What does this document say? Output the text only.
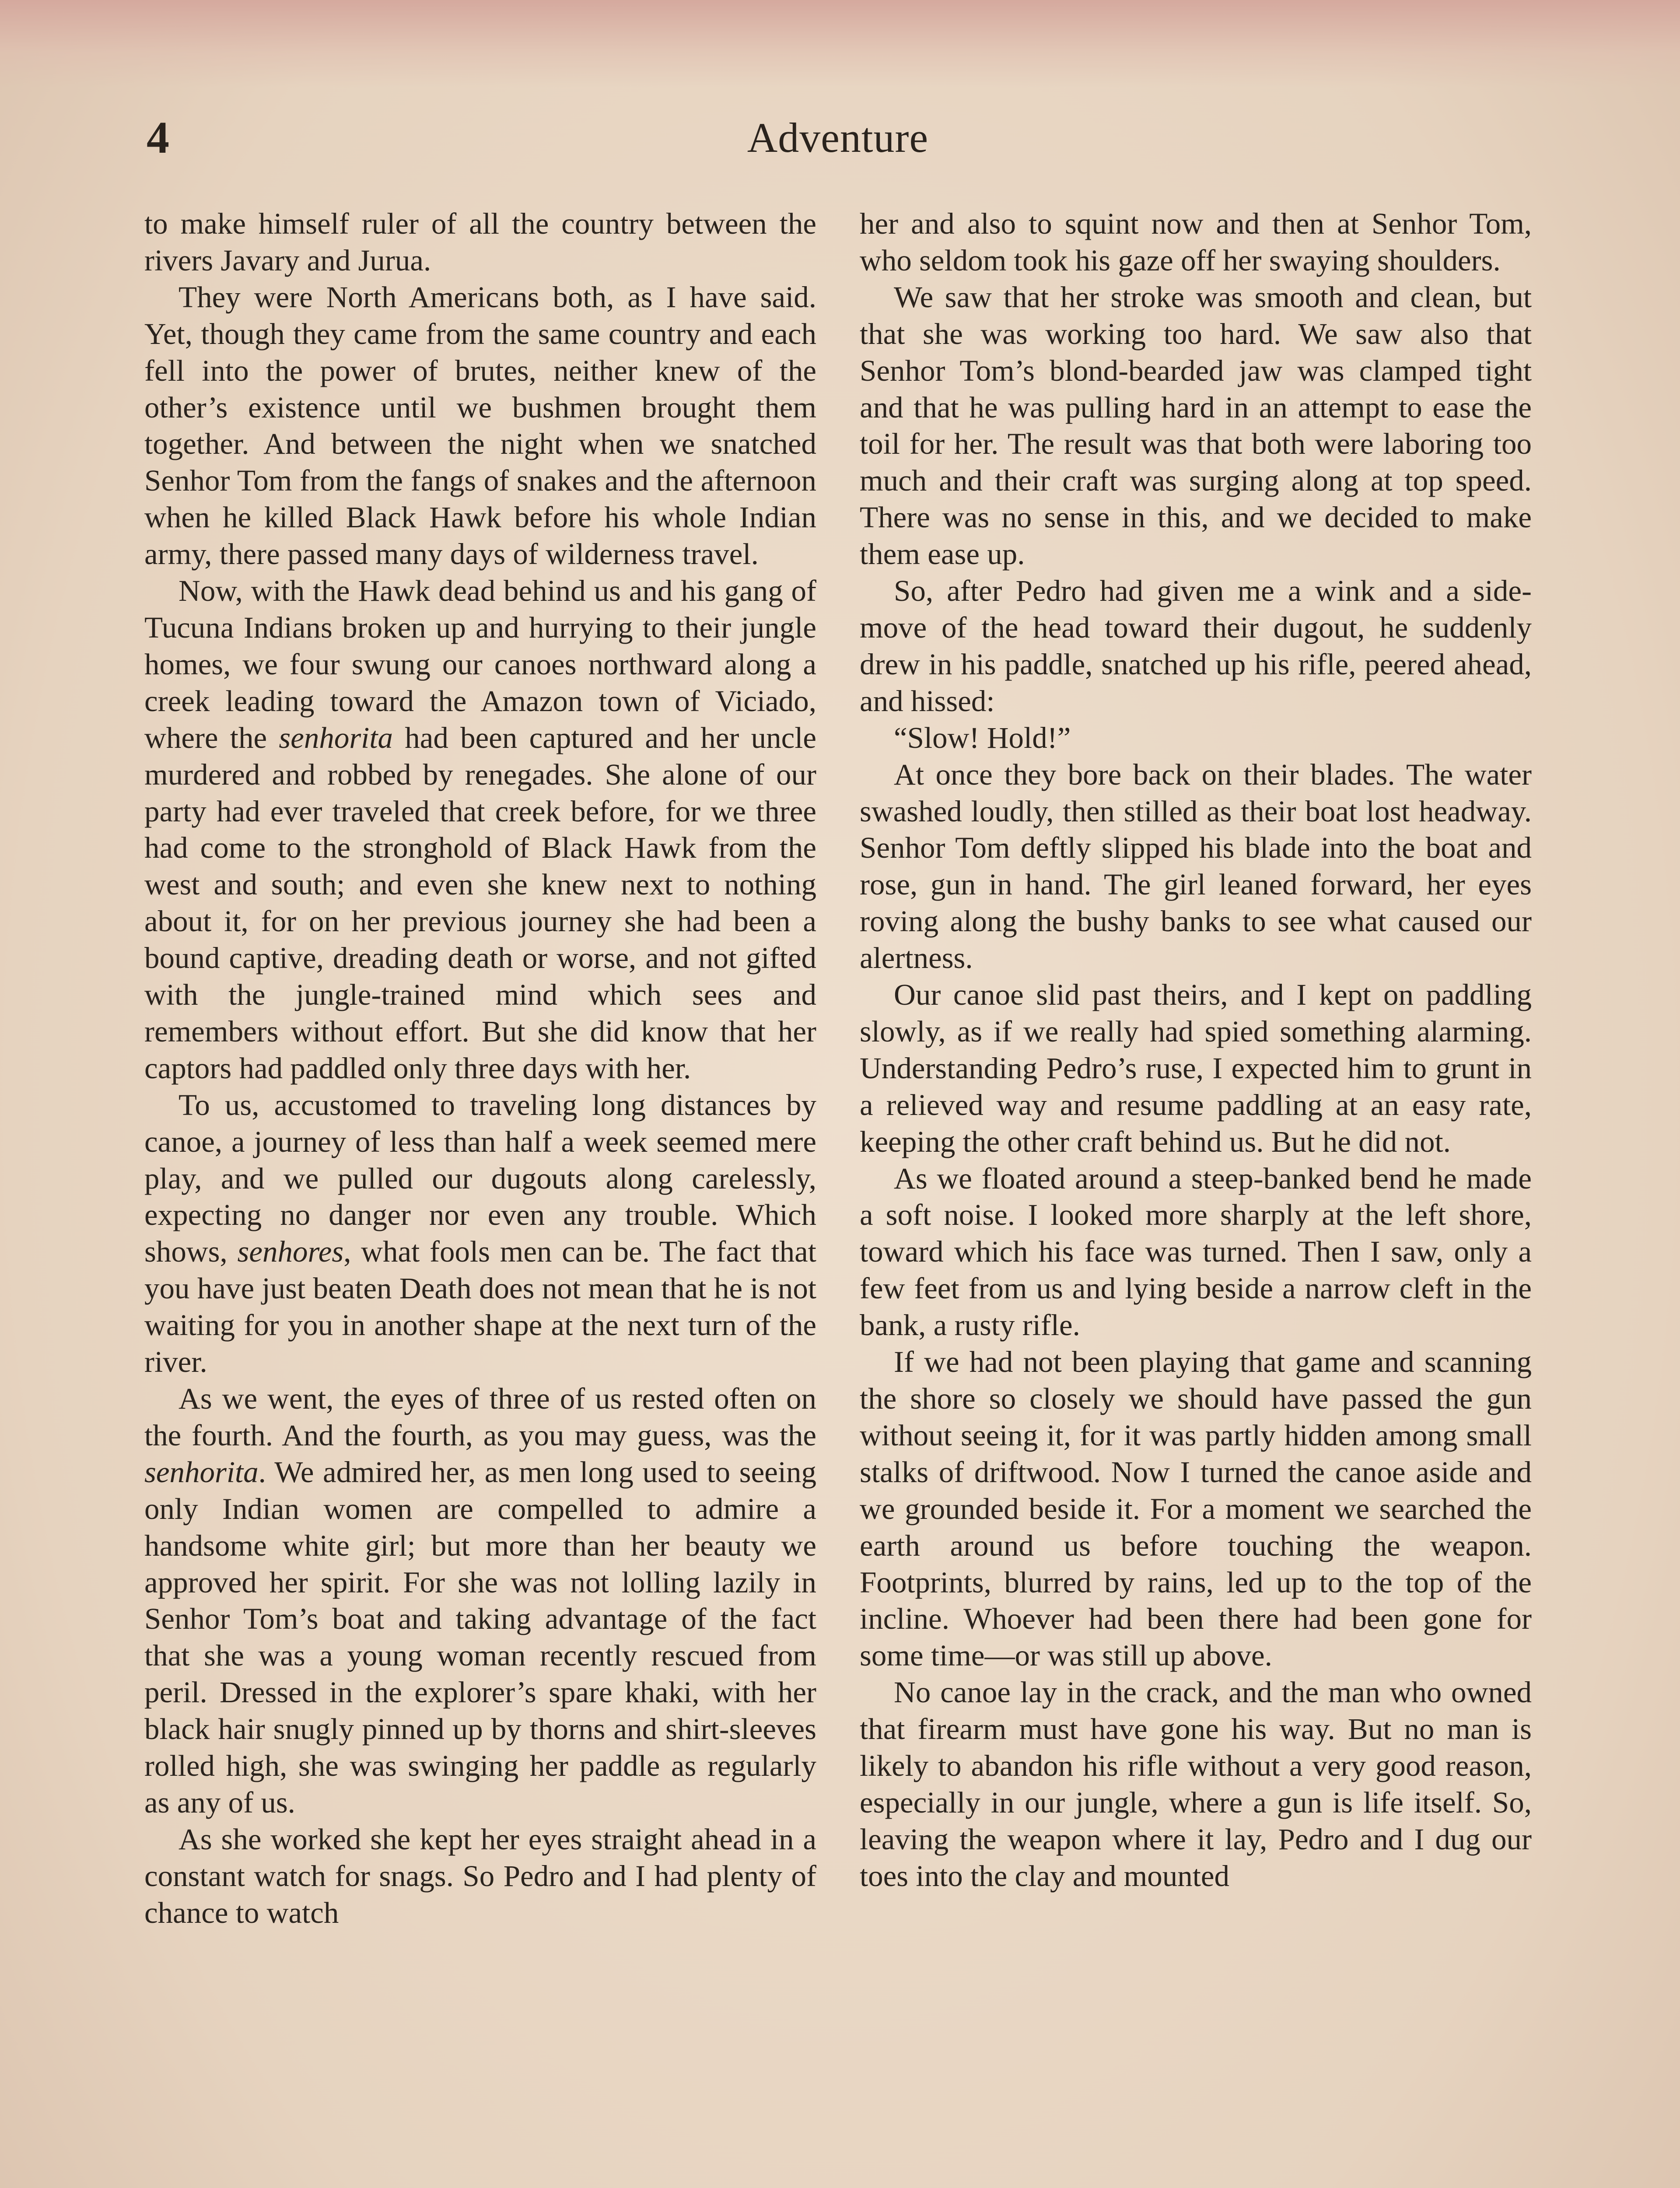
4	Adventure

to make himself ruler of all the country between the rivers Javary and Jurua.

They were North Americans both, as I have said. Yet, though they came from the same country and each fell into the power of brutes, neither knew of the other’s existence until we bushmen brought them together. And between the night when we snatched Senhor Tom from the fangs of snakes and the afternoon when he killed Black Hawk before his whole Indian army, there passed many days of wilderness travel.

Now, with the Hawk dead behind us and his gang of Tucuna Indians broken up and hurrying to their jungle homes, we four swung our canoes northward along a creek leading toward the Amazon town of Viciado, where the senhorita had been captured and her uncle murdered and robbed by renegades. She alone of our party had ever traveled that creek before, for we three had come to the stronghold of Black Hawk from the west and south; and even she knew next to nothing about it, for on her previous journey she had been a bound captive, dreading death or worse, and not gifted with the jungle-trained mind which sees and remembers without effort. But she did know that her captors had paddled only three days with her.

To us, accustomed to traveling long distances by canoe, a journey of less than half a week seemed mere play, and we pulled our dugouts along carelessly, expecting no danger nor even any trouble. Which shows, senhores, what fools men can be. The fact that you have just beaten Death does not mean that he is not waiting for you in another shape at the next turn of the river.

As we went, the eyes of three of us rested often on the fourth. And the fourth, as you may guess, was the senhorita. We admired her, as men long used to seeing only Indian women are compelled to admire a handsome white girl; but more than her beauty we approved her spirit. For she was not lolling lazily in Senhor Tom’s boat and taking advantage of the fact that she was a young woman recently rescued from peril. Dressed in the explorer’s spare khaki, with her black hair snugly pinned up by thorns and shirt-sleeves rolled high, she was swinging her paddle as regularly as any of us.

As she worked she kept her eyes straight ahead in a constant watch for snags. So Pedro and I had plenty of chance to watch

her and also to squint now and then at Senhor Tom, who seldom took his gaze off her swaying shoulders.

We saw that her stroke was smooth and clean, but that she was working too hard. We saw also that Senhor Tom’s blond-bearded jaw was clamped tight and that he was pulling hard in an attempt to ease the toil for her. The result was that both were laboring too much and their craft was surging along at top speed. There was no sense in this, and we decided to make them ease up.

So, after Pedro had given me a wink and a side-move of the head toward their dugout, he suddenly drew in his paddle, snatched up his rifle, peered ahead, and hissed:

“Slow! Hold!”

At once they bore back on their blades. The water swashed loudly, then stilled as their boat lost headway. Senhor Tom deftly slipped his blade into the boat and rose, gun in hand. The girl leaned forward, her eyes roving along the bushy banks to see what caused our alertness.

Our canoe slid past theirs, and I kept on paddling slowly, as if we really had spied something alarming. Understanding Pedro’s ruse, I expected him to grunt in a relieved way and resume paddling at an easy rate, keeping the other craft behind us. But he did not.

As we floated around a steep-banked bend he made a soft noise. I looked more sharply at the left shore, toward which his face was turned. Then I saw, only a few feet from us and lying beside a narrow cleft in the bank, a rusty rifle.

If we had not been playing that game and scanning the shore so closely we should have passed the gun without seeing it, for it was partly hidden among small stalks of driftwood. Now I turned the canoe aside and we grounded beside it. For a moment we searched the earth around us before touching the weapon. Footprints, blurred by rains, led up to the top of the incline. Whoever had been there had been gone for some time—or was still up above.

No canoe lay in the crack, and the man who owned that firearm must have gone his way. But no man is likely to abandon his rifle without a very good reason, especially in our jungle, where a gun is life itself. So, leaving the weapon where it lay, Pedro and I dug our toes into the clay and mounted
